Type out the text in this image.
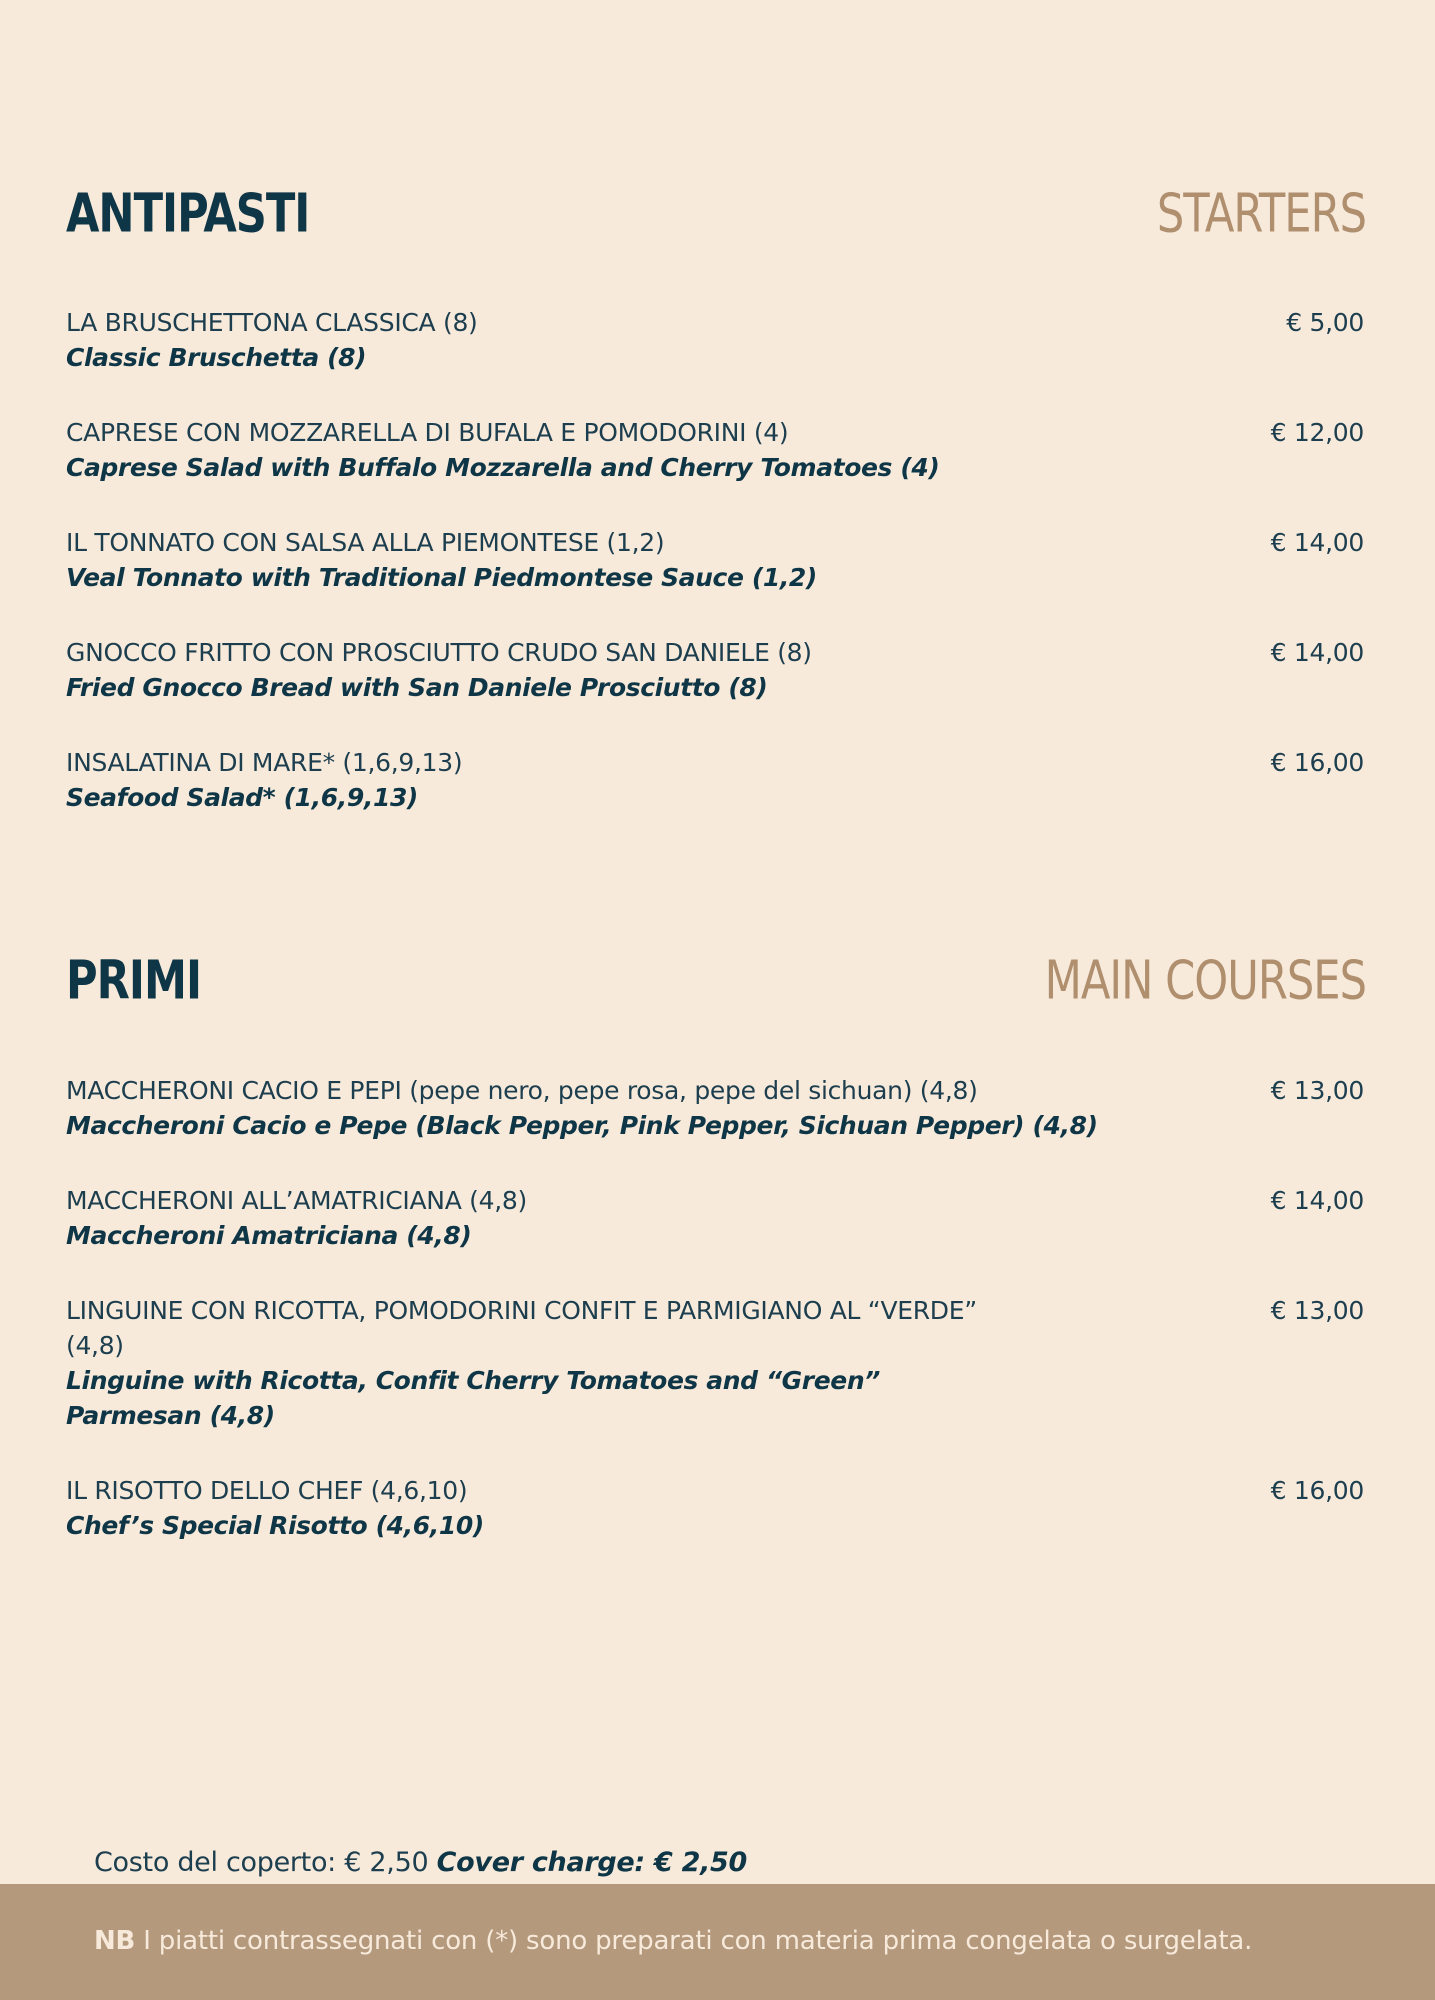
ANTIPASTI	STARTERS
LA BRUSCHETTONA CLASSICA (8)
Classic Bruschetta (8)
€ 5,00
CAPRESE CON MOZZARELLA DI BUFALA E POMODORINI (4)
Caprese Salad with Buffalo Mozzarella and Cherry Tomatoes (4)
€ 12,00
IL TONNATO CON SALSA ALLA PIEMONTESE (1,2)
Veal Tonnato with Traditional Piedmontese Sauce (1,2)
€ 14,00
GNOCCO FRITTO CON PROSCIUTTO CRUDO SAN DANIELE (8)
Fried Gnocco Bread with San Daniele Prosciutto (8)
€ 14,00
INSALATINA DI MARE* (1,6,9,13)
Seafood Salad* (1,6,9,13)
€ 16,00
PRIMI	MAIN COURSES
MACCHERONI CACIO E PEPI (pepe nero, pepe rosa, pepe del sichuan) (4,8)
Maccheroni Cacio e Pepe (Black Pepper, Pink Pepper, Sichuan Pepper) (4,8)
€ 13,00
MACCHERONI ALL’AMATRICIANA (4,8)
Maccheroni Amatriciana (4,8)
€ 14,00
LINGUINE CON RICOTTA, POMODORINI CONFIT E PARMIGIANO AL “VERDE” (4,8)
Linguine with Ricotta, Confit Cherry Tomatoes and “Green” Parmesan (4,8)
€ 13,00
IL RISOTTO DELLO CHEF (4,6,10)
Chef’s Special Risotto (4,6,10)
€ 16,00
Costo del coperto: € 2,50 Cover charge: € 2,50
NB I piatti contrassegnati con (*) sono preparati con materia prima congelata o surgelata.
